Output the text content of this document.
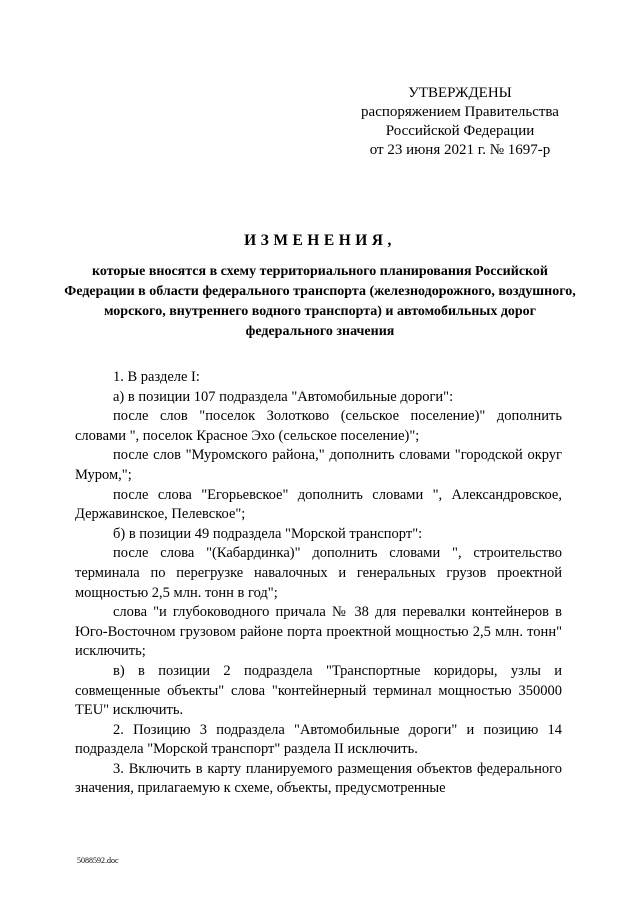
УТВЕРЖДЕНЫ
распоряжением Правительства
Российской Федерации
от 23 июня 2021 г. № 1697-р
ИЗМЕНЕНИЯ,
которые вносятся в схему территориального планирования Российской Федерации в области федерального транспорта (железнодорожного, воздушного, морского, внутреннего водного транспорта) и автомобильных дорог федерального значения

1. В разделе I:

а) в позиции 107 подраздела "Автомобильные дороги":

после слов "поселок Золотково (сельское поселение)" дополнить словами ", поселок Красное Эхо (сельское поселение)";

после слов "Муромского района," дополнить словами "городской округ Муром,";

после слова "Егорьевское" дополнить словами ", Александровское, Державинское, Пелевское";

б) в позиции 49 подраздела "Морской транспорт":

после слова "(Кабардинка)" дополнить словами ", строительство терминала по перегрузке навалочных и генеральных грузов проектной мощностью 2,5 млн. тонн в год";

слова "и глубоководного причала № 38 для перевалки контейнеров в Юго-Восточном грузовом районе порта проектной мощностью 2,5 млн. тонн" исключить;

в) в позиции 2 подраздела "Транспортные коридоры, узлы и совмещенные объекты" слова "контейнерный терминал мощностью 350000 TEU" исключить.

2. Позицию 3 подраздела "Автомобильные дороги" и позицию 14 подраздела "Морской транспорт" раздела II исключить.

3. Включить в карту планируемого размещения объектов федерального значения, прилагаемую к схеме, объекты, предусмотренные

5088592.doc
